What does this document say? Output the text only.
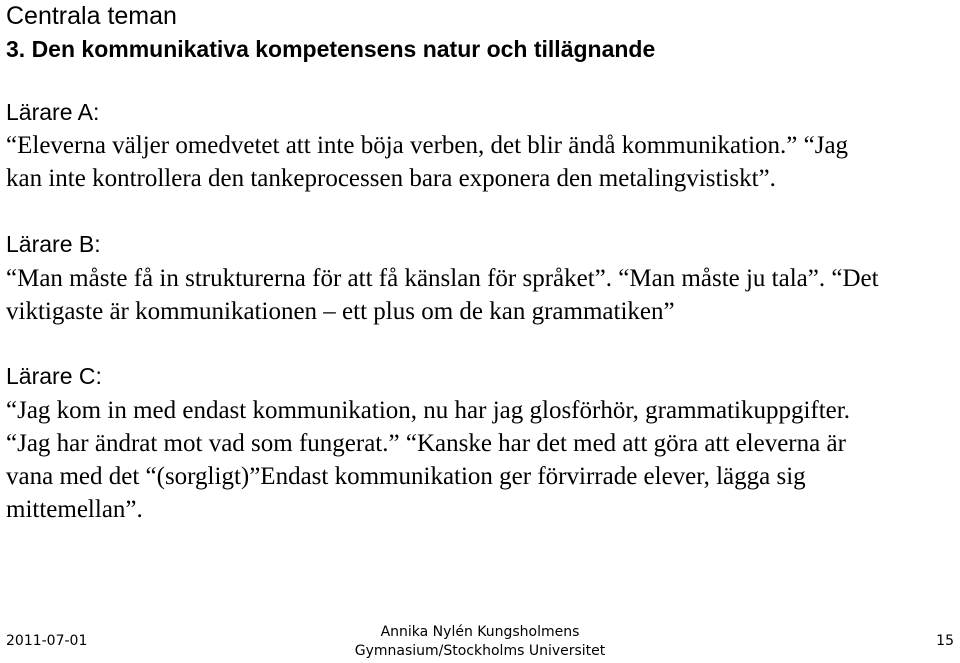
Centrala teman
3. Den kommunikativa kompetensens natur och tillägnande
Lärare A:
“Eleverna väljer omedvetet att inte böja verben, det blir ändå kommunikation.” “Jag
kan inte kontrollera den tankeprocessen bara exponera den metalingvistiskt”.
Lärare B:
“Man måste få in strukturerna för att få känslan för språket”. “Man måste ju tala”. “Det
viktigaste är kommunikationen – ett plus om de kan grammatiken”
Lärare C:
“Jag kom in med endast kommunikation, nu har jag glosförhör, grammatikuppgifter.
“Jag har ändrat mot vad som fungerat.” “Kanske har det med att göra att eleverna är
vana med det “(sorgligt)”Endast kommunikation ger förvirrade elever, lägga sig
mittemellan”.
2011-07-01
Annika Nylén Kungsholmens
Gymnasium/Stockholms Universitet
15
